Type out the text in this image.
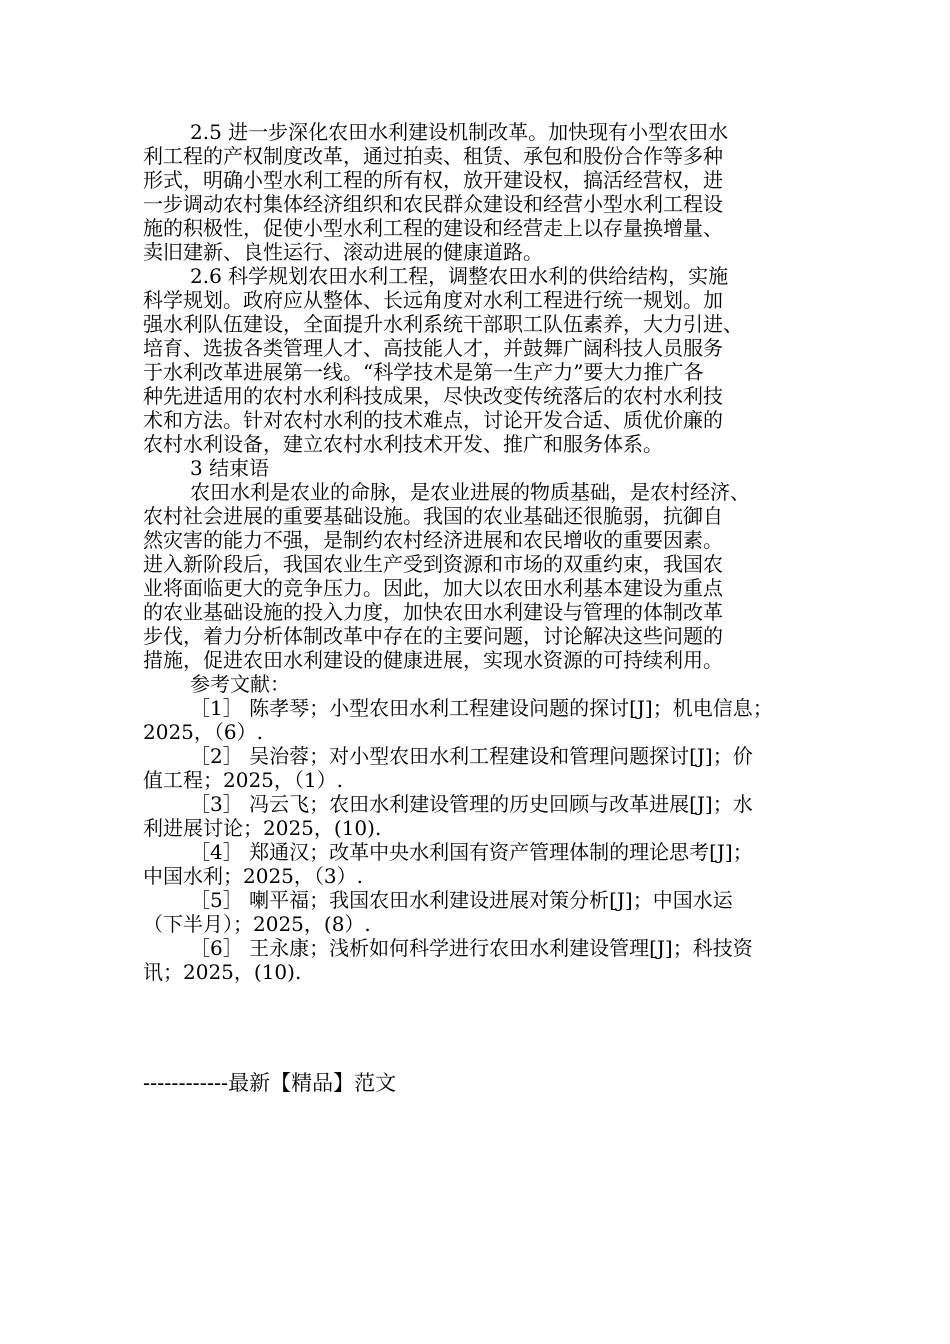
2.5 进一步深化农田水利建设机制改革。加快现有小型农田水
利工程的产权制度改革，通过拍卖、租赁、承包和股份合作等多种
形式，明确小型水利工程的所有权，放开建设权，搞活经营权，进
一步调动农村集体经济组织和农民群众建设和经营小型水利工程设
施的积极性，促使小型水利工程的建设和经营走上以存量换增量、
卖旧建新、良性运行、滚动进展的健康道路。
2.6 科学规划农田水利工程，调整农田水利的供给结构，实施
科学规划。政府应从整体、长远角度对水利工程进行统一规划。加
强水利队伍建设，全面提升水利系统干部职工队伍素养，大力引进、
培育、选拔各类管理人才、高技能人才，并鼓舞广阔科技人员服务
于水利改革进展第一线。“科学技术是第一生产力”要大力推广各
种先进适用的农村水利科技成果，尽快改变传统落后的农村水利技
术和方法。针对农村水利的技术难点，讨论开发合适、质优价廉的
农村水利设备，建立农村水利技术开发、推广和服务体系。
3 结束语
农田水利是农业的命脉，是农业进展的物质基础，是农村经济、
农村社会进展的重要基础设施。我国的农业基础还很脆弱，抗御自
然灾害的能力不强，是制约农村经济进展和农民增收的重要因素。
进入新阶段后，我国农业生产受到资源和市场的双重约束，我国农
业将面临更大的竞争压力。因此，加大以农田水利基本建设为重点
的农业基础设施的投入力度，加快农田水利建设与管理的体制改革
步伐，着力分析体制改革中存在的主要问题，讨论解决这些问题的
措施，促进农田水利建设的健康进展，实现水资源的可持续利用。
参考文献：
［1］ 陈孝琴；小型农田水利工程建设问题的探讨[J]；机电信息；
2025，（6）.
［2］ 吴治蓉；对小型农田水利工程建设和管理问题探讨[J]；价
值工程；2025，（1）.
［3］ 冯云飞；农田水利建设管理的历史回顾与改革进展[J]；水
利进展讨论；2025，(10).
［4］ 郑通汉；改革中央水利国有资产管理体制的理论思考[J]；
中国水利；2025，（3）.
［5］ 喇平福；我国农田水利建设进展对策分析[J]；中国水运
（下半月）；2025，(8）.
［6］ 王永康；浅析如何科学进行农田水利建设管理[J]；科技资
讯；2025，(10).
------------最新【精品】范文
